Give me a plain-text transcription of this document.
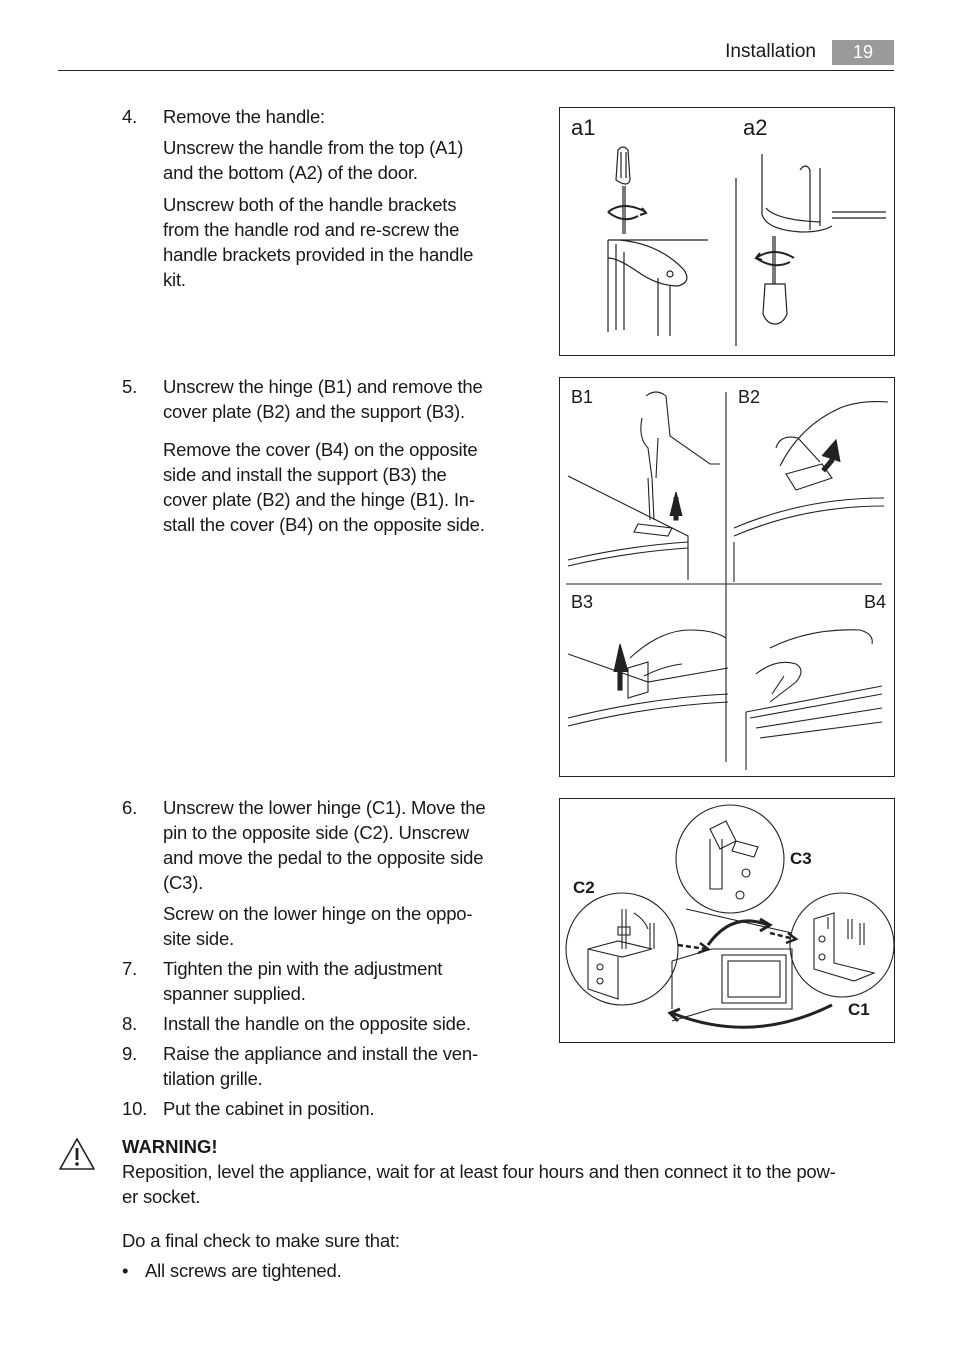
Installation	19
4.	Remove the handle:
Unscrew the handle from the top (A1)
and the bottom (A2) of the door.
Unscrew both of the handle brackets
from the handle rod and re-screw the
handle brackets provided in the handle
kit.
a1	a2
5.	Unscrew the hinge (B1) and remove the
cover plate (B2) and the support (B3).
Remove the cover (B4) on the opposite
side and install the support (B3) the
cover plate (B2) and the hinge (B1). In-
stall the cover (B4) on the opposite side.
B1	B2
B3	B4
6.	Unscrew the lower hinge (C1). Move the
pin to the opposite side (C2). Unscrew
and move the pedal to the opposite side
(C3).
Screw on the lower hinge on the oppo-
site side.
7.	Tighten the pin with the adjustment
spanner supplied.
8.	Install the handle on the opposite side.
9.	Raise the appliance and install the ven-
tilation grille.
10. Put the cabinet in position.
C3
C2
C1
WARNING!
Reposition, level the appliance, wait for at least four hours and then connect it to the pow-
er socket.
Do a final check to make sure that:
• All screws are tightened.
